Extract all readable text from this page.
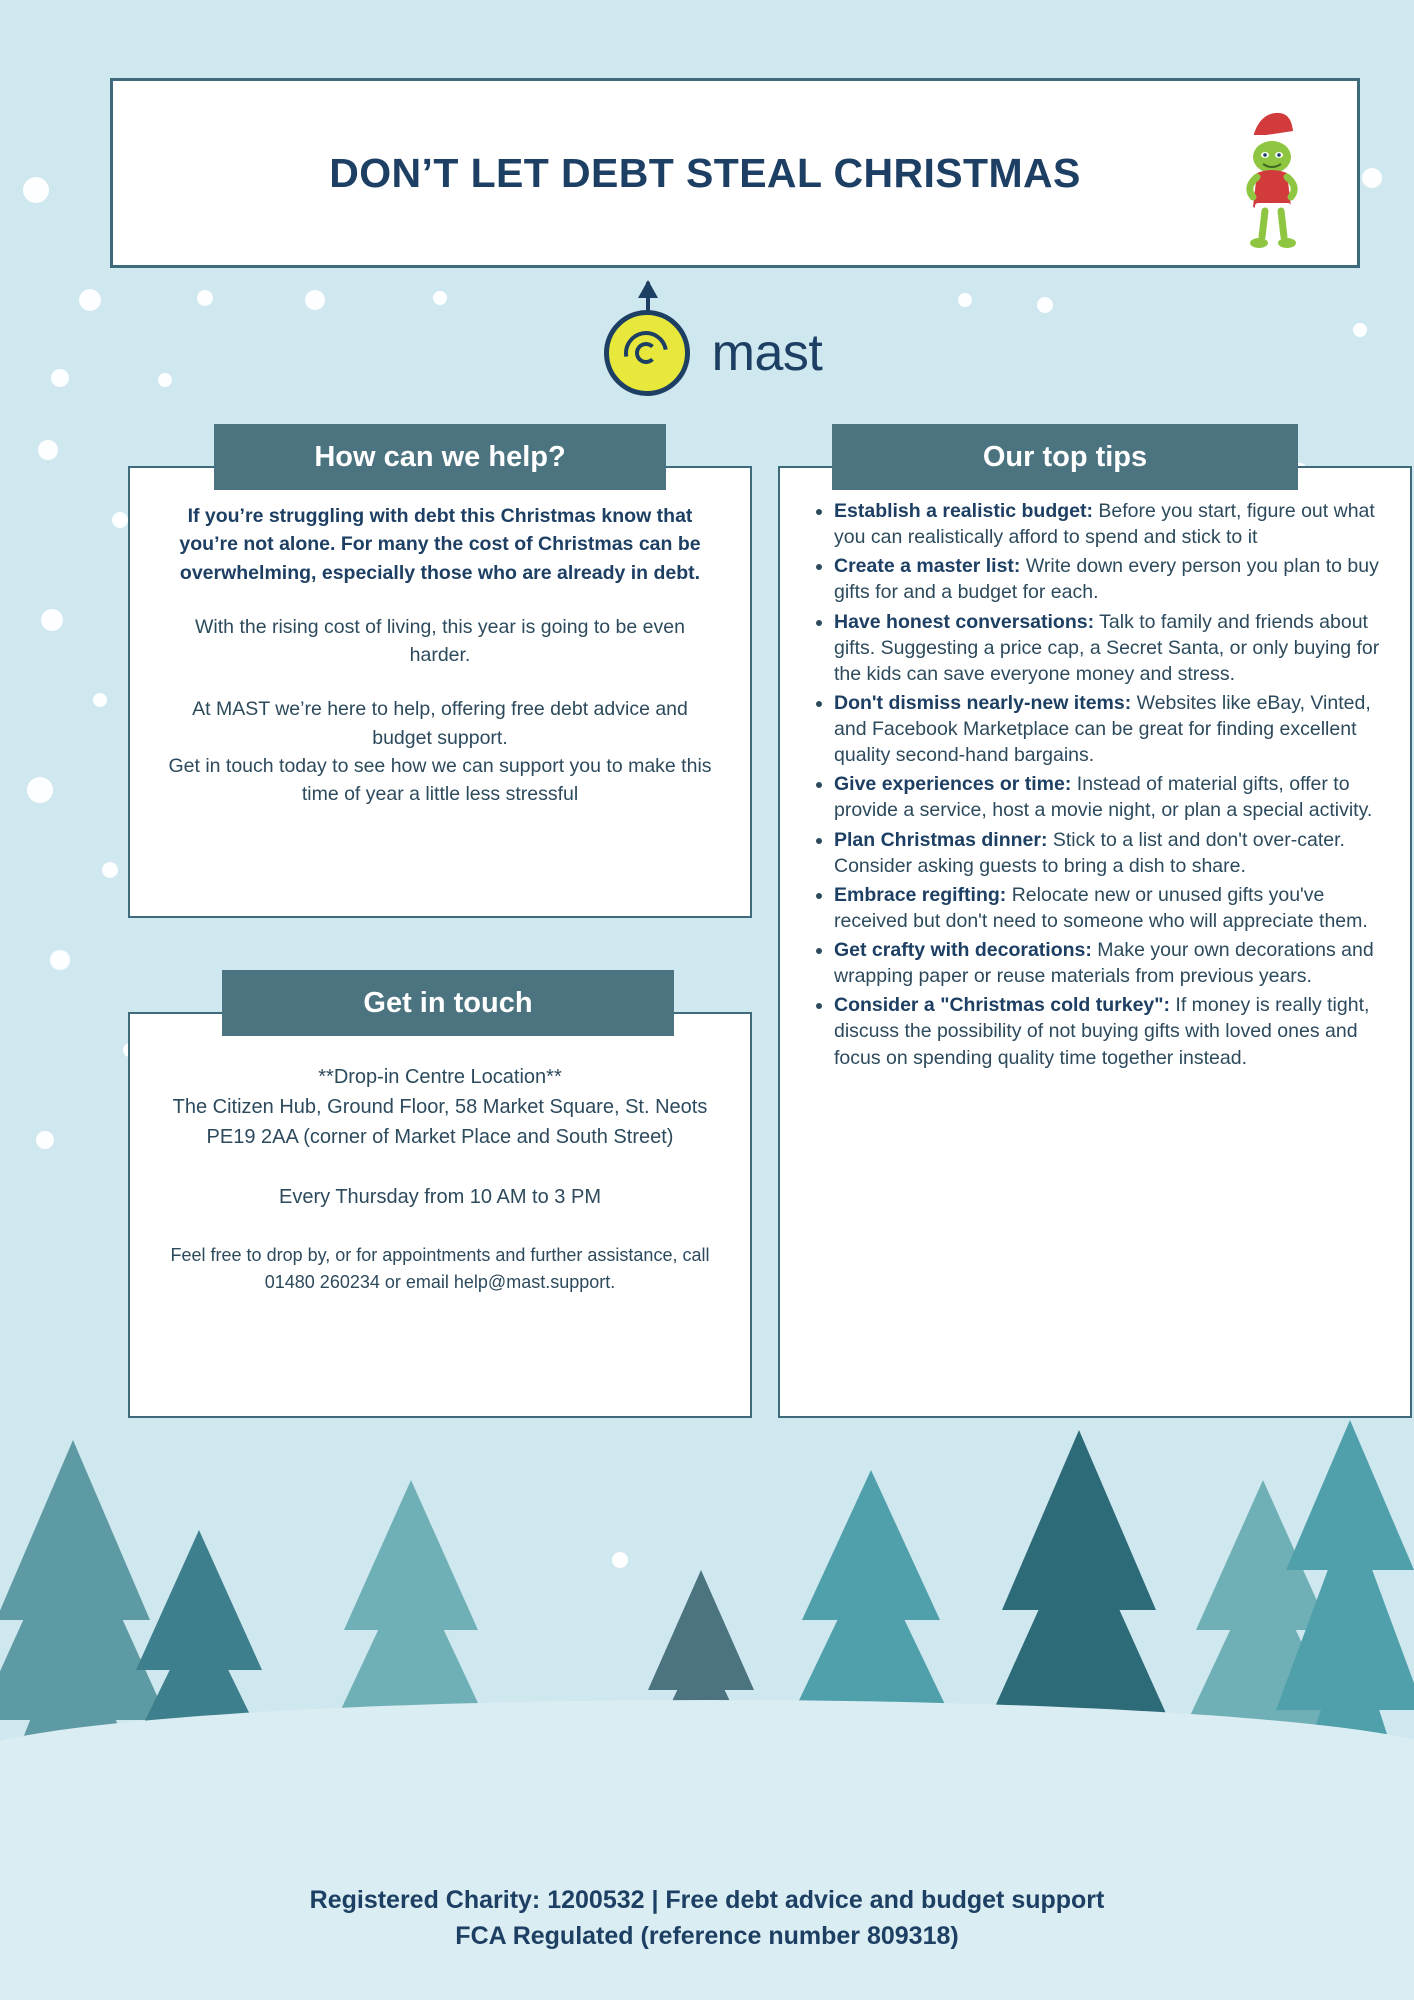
DON’T LET DEBT STEAL CHRISTMAS
mast

If you’re struggling with debt this Christmas know that you’re not alone. For many the cost of Christmas can be overwhelming, especially those who are already in debt.

With the rising cost of living, this year is going to be even harder.

At MAST we’re here to help, offering free debt advice and budget support.

Get in touch today to see how we can support you to make this time of year a little less stressful

How can we help?

**Drop-in Centre Location**

The Citizen Hub, Ground Floor, 58 Market Square, St. Neots PE19 2AA (corner of Market Place and South Street)

Every Thursday from 10 AM to 3 PM

Feel free to drop by, or for appointments and further assistance, call 01480 260234 or email help@mast.support.

Get in touch
• Establish a realistic budget: Before you start, figure out what you can realistically afford to spend and stick to it
• Create a master list: Write down every person you plan to buy gifts for and a budget for each.
• Have honest conversations: Talk to family and friends about gifts. Suggesting a price cap, a Secret Santa, or only buying for the kids can save everyone money and stress.
• Don't dismiss nearly-new items: Websites like eBay, Vinted, and Facebook Marketplace can be great for finding excellent quality second-hand bargains.
• Give experiences or time: Instead of material gifts, offer to provide a service, host a movie night, or plan a special activity.
• Plan Christmas dinner: Stick to a list and don't over-cater. Consider asking guests to bring a dish to share.
• Embrace regifting: Relocate new or unused gifts you've received but don't need to someone who will appreciate them.
• Get crafty with decorations: Make your own decorations and wrapping paper or reuse materials from previous years.
• Consider a "Christmas cold turkey": If money is really tight, discuss the possibility of not buying gifts with loved ones and focus on spending quality time together instead.
Our top tips
Registered Charity: 1200532 | Free debt advice and budget support
FCA Regulated (reference number 809318)
